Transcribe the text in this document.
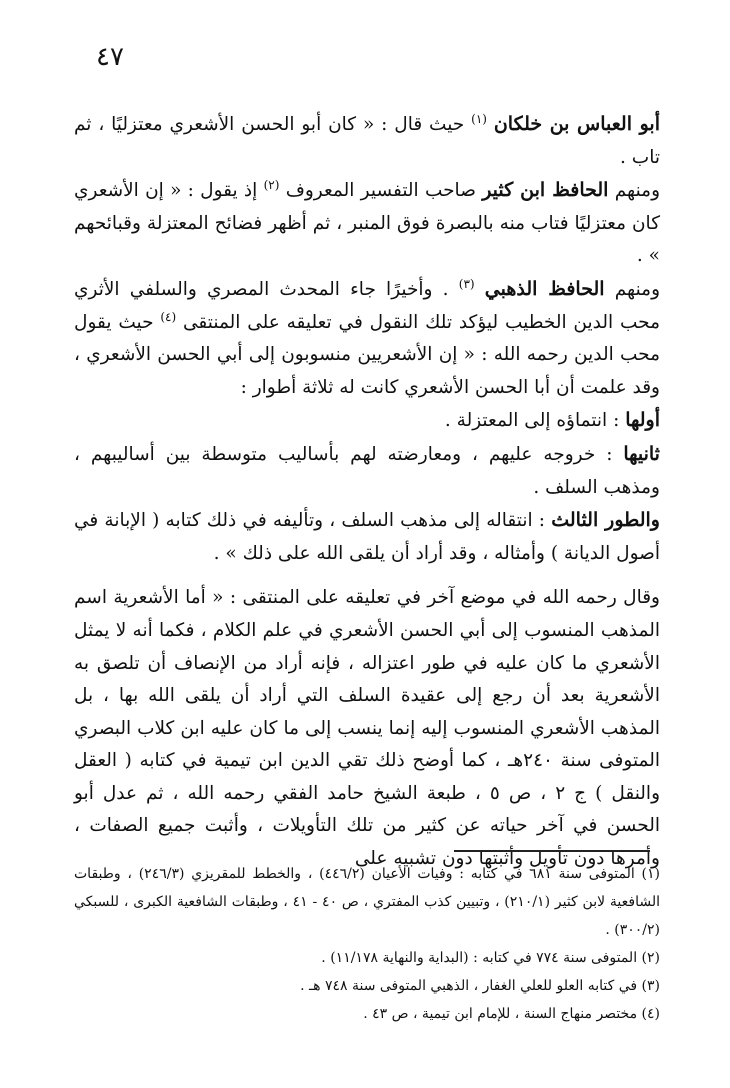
٤٧

أبو العباس بن خلكان $^{(١)}$ حيث قال : « كان أبو الحسن الأشعري معتزليًا ، ثم تاب .

ومنهم الحافظ ابن كثير صاحب التفسير المعروف $^{(٢)}$ إذ يقول : « إن الأشعري كان معتزليًا فتاب منه بالبصرة فوق المنبر ، ثم أظهر فضائح المعتزلة وقبائحهم » .

ومنهم الحافظ الذهبي $^{(٣)}$ . وأخيرًا جاء المحدث المصري والسلفي الأثري محب الدين الخطيب ليؤكد تلك النقول في تعليقه على المنتقى $^{(٤)}$ حيث يقول محب الدين رحمه الله : « إن الأشعريين منسوبون إلى أبي الحسن الأشعري ، وقد علمت أن أبا الحسن الأشعري كانت له ثلاثة أطوار :

أولها : انتماؤه إلى المعتزلة .

ثانيها : خروجه عليهم ، ومعارضته لهم بأساليب متوسطة بين أساليبهم ، ومذهب السلف .

والطور الثالث : انتقاله إلى مذهب السلف ، وتأليفه في ذلك كتابه ( الإبانة في أصول الديانة ) وأمثاله ، وقد أراد أن يلقى الله على ذلك » .

وقال رحمه الله في موضع آخر في تعليقه على المنتقى : « أما الأشعرية اسم المذهب المنسوب إلى أبي الحسن الأشعري في علم الكلام ، فكما أنه لا يمثل الأشعري ما كان عليه في طور اعتزاله ، فإنه أراد من الإنصاف أن تلصق به الأشعرية بعد أن رجع إلى عقيدة السلف التي أراد أن يلقى الله بها ، بل المذهب الأشعري المنسوب إليه إنما ينسب إلى ما كان عليه ابن كلاب البصري المتوفى سنة ٢٤٠هـ ، كما أوضح ذلك تقي الدين ابن تيمية في كتابه ( العقل والنقل ) ج ٢ ، ص ٥ ، طبعة الشيخ حامد الفقي رحمه الله ، ثم عدل أبو الحسن في آخر حياته عن كثير من تلك التأويلات ، وأثبت جميع الصفات ، وأمرها دون تأويل وأثبتها دون تشبيه على

(١) المتوفى سنة ٦٨١ في كتابه : وفيات الأعيان (٤٤٦/٢) ، والخطط للمقريزي (٢٤٦/٣) ، وطبقات الشافعية لابن كثير (٢١٠/١) ، وتبيين كذب المفتري ، ص ٤٠ - ٤١ ، وطبقات الشافعية الكبرى ، للسبكي (٣٠٠/٢) .

(٢) المتوفى سنة ٧٧٤ في كتابه : (البداية والنهاية ١١/١٧٨) .

(٣) في كتابه العلو للعلي الغفار ، الذهبي المتوفى سنة ٧٤٨ هـ .

(٤) مختصر منهاج السنة ، للإمام ابن تيمية ، ص ٤٣ .
